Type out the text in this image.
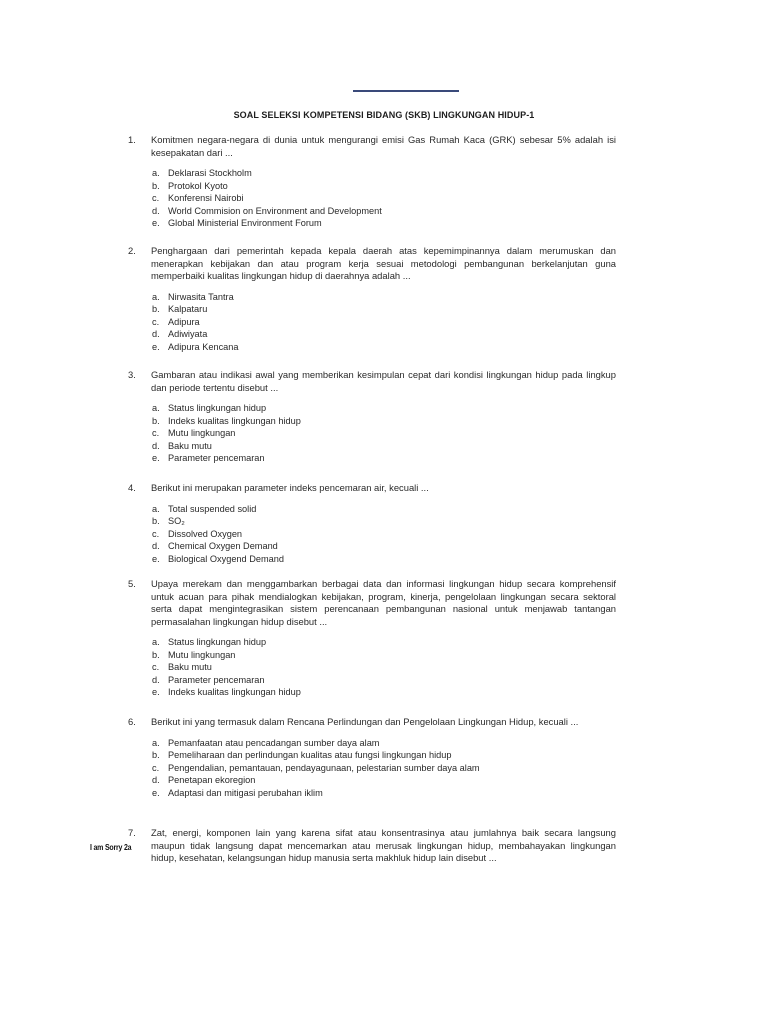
SOAL SELEKSI KOMPETENSI BIDANG (SKB) LINGKUNGAN HIDUP-1
1.	Komitmen negara-negara di dunia untuk mengurangi emisi Gas Rumah Kaca (GRK) sebesar 5% adalah isi kesepakatan dari ...
a. Deklarasi Stockholm
b. Protokol Kyoto
c. Konferensi Nairobi
d. World Commision on Environment and Development
e. Global Ministerial Environment Forum
2.	Penghargaan dari pemerintah kepada kepala daerah atas kepemimpinannya dalam merumuskan dan menerapkan kebijakan dan atau program kerja sesuai metodologi pembangunan berkelanjutan guna memperbaiki kualitas lingkungan hidup di daerahnya adalah ...
a. Nirwasita Tantra
b. Kalpataru
c. Adipura
d. Adiwiyata
e. Adipura Kencana
3.	Gambaran atau indikasi awal yang memberikan kesimpulan cepat dari kondisi lingkungan hidup pada lingkup dan periode tertentu disebut ...
a. Status lingkungan hidup
b. Indeks kualitas lingkungan hidup
c. Mutu lingkungan
d. Baku mutu
e. Parameter pencemaran
4.	Berikut ini merupakan parameter indeks pencemaran air, kecuali ...
a. Total suspended solid
b. SO₂
c. Dissolved Oxygen
d. Chemical Oxygen Demand
e. Biological Oxygend Demand
5.	Upaya merekam dan menggambarkan berbagai data dan informasi lingkungan hidup secara komprehensif untuk acuan para pihak mendialogkan kebijakan, program, kinerja, pengelolaan lingkungan secara sektoral serta dapat mengintegrasikan sistem perencanaan pembangunan nasional untuk menjawab tantangan permasalahan lingkungan hidup disebut ...
a. Status lingkungan hidup
b. Mutu lingkungan
c. Baku mutu
d. Parameter pencemaran
e. Indeks kualitas lingkungan hidup
6.	Berikut ini yang termasuk dalam Rencana Perlindungan dan Pengelolaan Lingkungan Hidup, kecuali ...
a. Pemanfaatan atau pencadangan sumber daya alam
b. Pemeliharaan dan perlindungan kualitas atau fungsi lingkungan hidup
c. Pengendalian, pemantauan, pendayagunaan, pelestarian sumber daya alam
d. Penetapan ekoregion
e. Adaptasi dan mitigasi perubahan iklim
7.	Zat, energi, komponen lain yang karena sifat atau konsentrasinya atau jumlahnya baik secara langsung maupun tidak langsung dapat mencemarkan atau merusak lingkungan hidup, membahayakan lingkungan hidup, kesehatan, kelangsungan hidup manusia serta makhluk hidup lain disebut ...
I am Sorry 2a
